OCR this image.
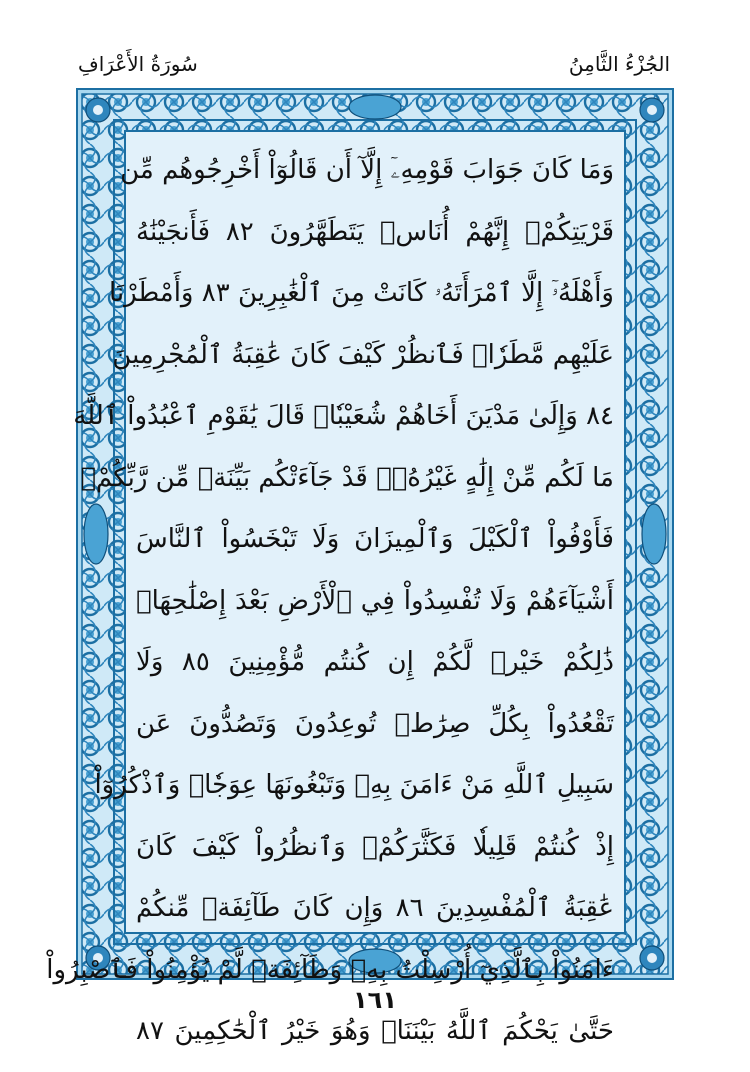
الجُزْءُ الثَّامِنُ
سُورَةُ الأَعْرَافِ
وَمَا كَانَ جَوَابَ قَوْمِهِۦٓ إِلَّآ أَن قَالُوٓاْ أَخْرِجُوهُم مِّن
قَرْيَتِكُمْۖ إِنَّهُمْ أُنَاسٞ يَتَطَهَّرُونَ ٨٢ فَأَنجَيْنَٰهُ
وَأَهْلَهُۥٓ إِلَّا ٱمْرَأَتَهُۥ كَانَتْ مِنَ ٱلْغَٰبِرِينَ ٨٣ وَأَمْطَرْنَا
عَلَيْهِم مَّطَرٗاۖ فَٱنظُرْ كَيْفَ كَانَ عَٰقِبَةُ ٱلْمُجْرِمِينَ
٨٤ وَإِلَىٰ مَدْيَنَ أَخَاهُمْ شُعَيْبٗاۚ قَالَ يَٰقَوْمِ ٱعْبُدُواْ ٱللَّهَ
مَا لَكُم مِّنْ إِلَٰهٍ غَيْرُهُۥۖ قَدْ جَآءَتْكُم بَيِّنَةٞ مِّن رَّبِّكُمْۖ
فَأَوْفُواْ ٱلْكَيْلَ وَٱلْمِيزَانَ وَلَا تَبْخَسُواْ ٱلنَّاسَ
أَشْيَآءَهُمْ وَلَا تُفْسِدُواْ فِي ٱلْأَرْضِ بَعْدَ إِصْلَٰحِهَاۚ
ذَٰلِكُمْ خَيْرٞ لَّكُمْ إِن كُنتُم مُّؤْمِنِينَ ٨٥ وَلَا
تَقْعُدُواْ بِكُلِّ صِرَٰطٖ تُوعِدُونَ وَتَصُدُّونَ عَن
سَبِيلِ ٱللَّهِ مَنْ ءَامَنَ بِهِۦ وَتَبْغُونَهَا عِوَجٗاۚ وَٱذْكُرُوٓاْ
إِذْ كُنتُمْ قَلِيلٗا فَكَثَّرَكُمْۖ وَٱنظُرُواْ كَيْفَ كَانَ
عَٰقِبَةُ ٱلْمُفْسِدِينَ ٨٦ وَإِن كَانَ طَآئِفَةٞ مِّنكُمْ
ءَامَنُواْ بِٱلَّذِيٓ أُرْسِلْتُ بِهِۦ وَطَآئِفَةٞ لَّمْ يُؤْمِنُواْ فَٱصْبِرُواْ
حَتَّىٰ يَحْكُمَ ٱللَّهُ بَيْنَنَاۚ وَهُوَ خَيْرُ ٱلْحَٰكِمِينَ ٨٧
١٦١
